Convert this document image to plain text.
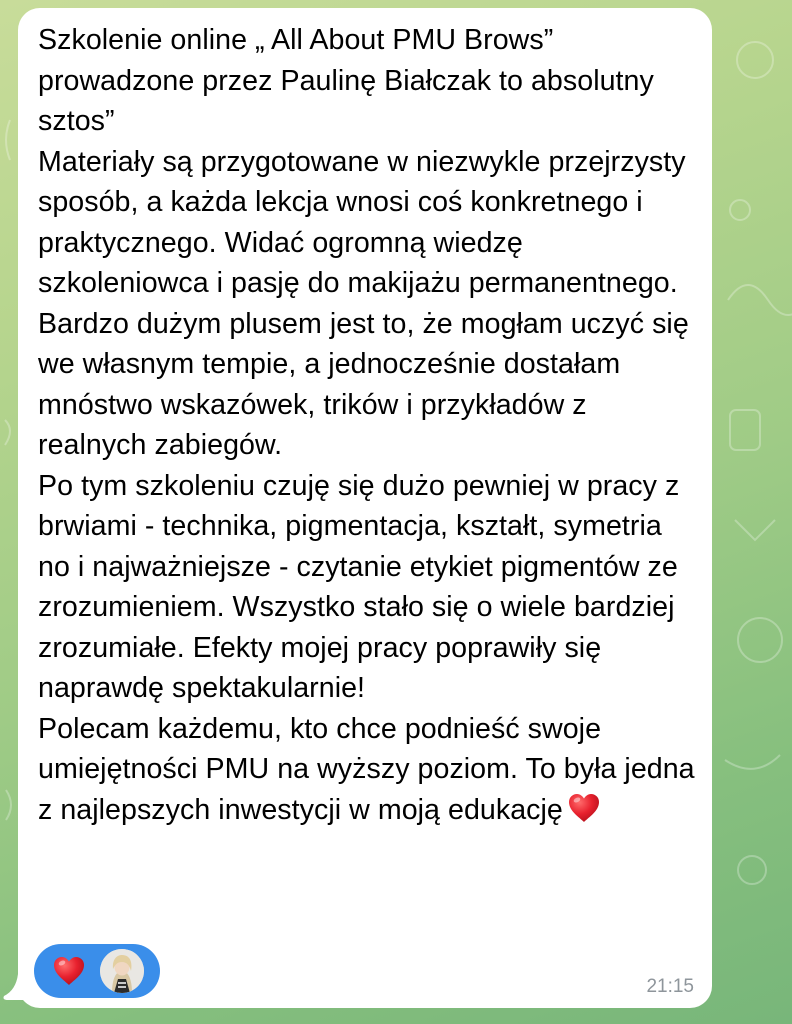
Szkolenie online „ All About PMU Brows” prowadzone przez Paulinę Białczak to absolutny sztos”

Materiały są przygotowane w niezwykle przejrzysty sposób, a każda lekcja wnosi coś konkretnego i praktycznego. Widać ogromną wiedzę szkoleniowca i pasję do makijażu permanentnego. Bardzo dużym plusem jest to, że mogłam uczyć się we własnym tempie, a jednocześnie dostałam mnóstwo wskazówek, trików i przykładów z realnych zabiegów.

Po tym szkoleniu czuję się dużo pewniej w pracy z brwiami - technika, pigmentacja, kształt, symetria no i najważniejsze - czytanie etykiet pigmentów ze zrozumieniem. Wszystko stało się o wiele bardziej zrozumiałe. Efekty mojej pracy poprawiły się naprawdę spektakularnie!

Polecam każdemu, kto chce podnieść swoje umiejętności PMU na wyższy poziom. To była jedna z najlepszych inwestycji w moją edukację

21:15
